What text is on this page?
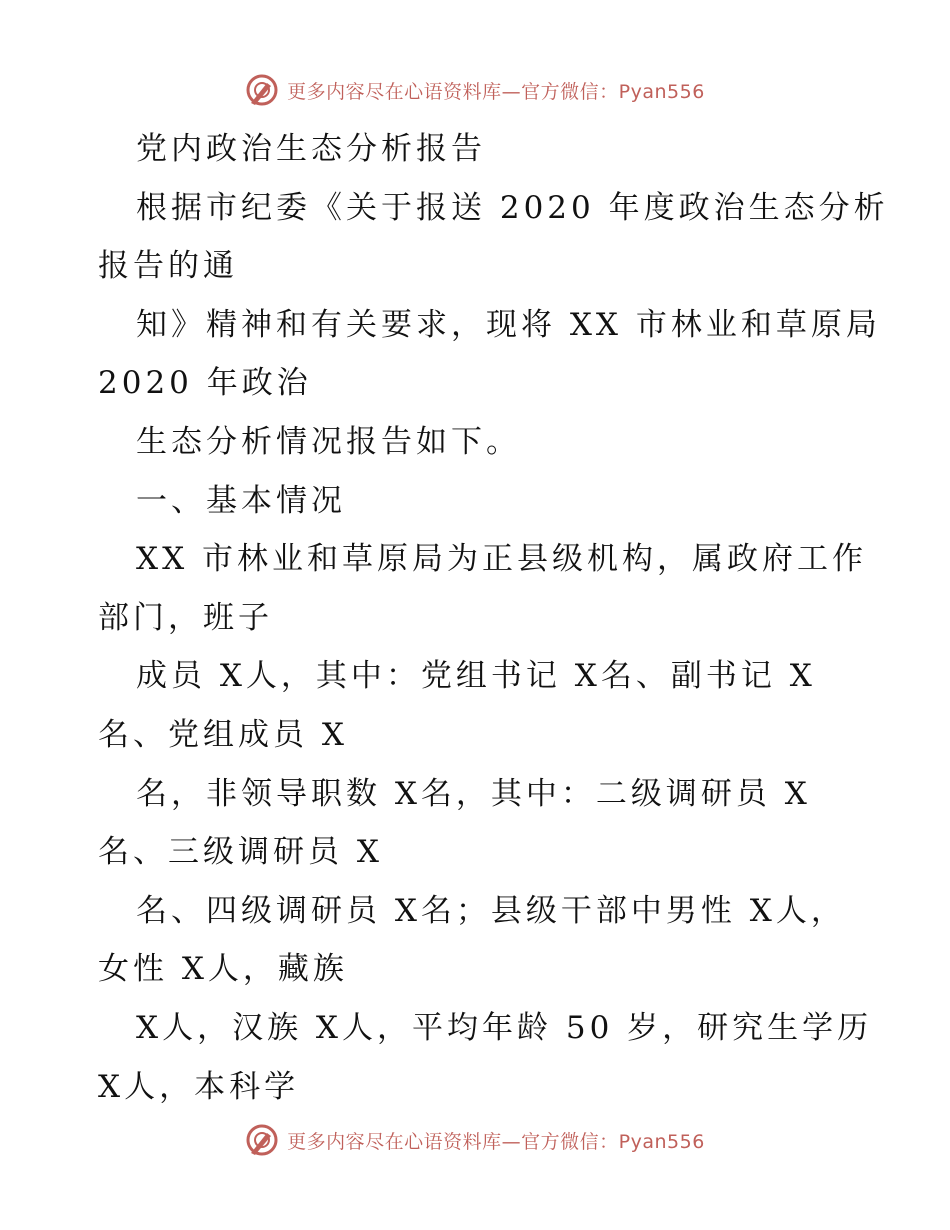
更多内容尽在心语资料库—官方微信：Pyan556
党内政治生态分析报告
根据市纪委《关于报送 2020 年度政治生态分析
报告的通
知》精神和有关要求，现将 XX 市林业和草原局
2020 年政治
生态分析情况报告如下。
一、基本情况
XX 市林业和草原局为正县级机构，属政府工作
部门，班子
成员 X人，其中：党组书记 X名、副书记 X
名、党组成员 X
名，非领导职数 X名，其中：二级调研员 X
名、三级调研员 X
名、四级调研员 X名；县级干部中男性 X人，
女性 X人，藏族
X人，汉族 X人，平均年龄 50 岁，研究生学历
X人，本科学
更多内容尽在心语资料库—官方微信：Pyan556
